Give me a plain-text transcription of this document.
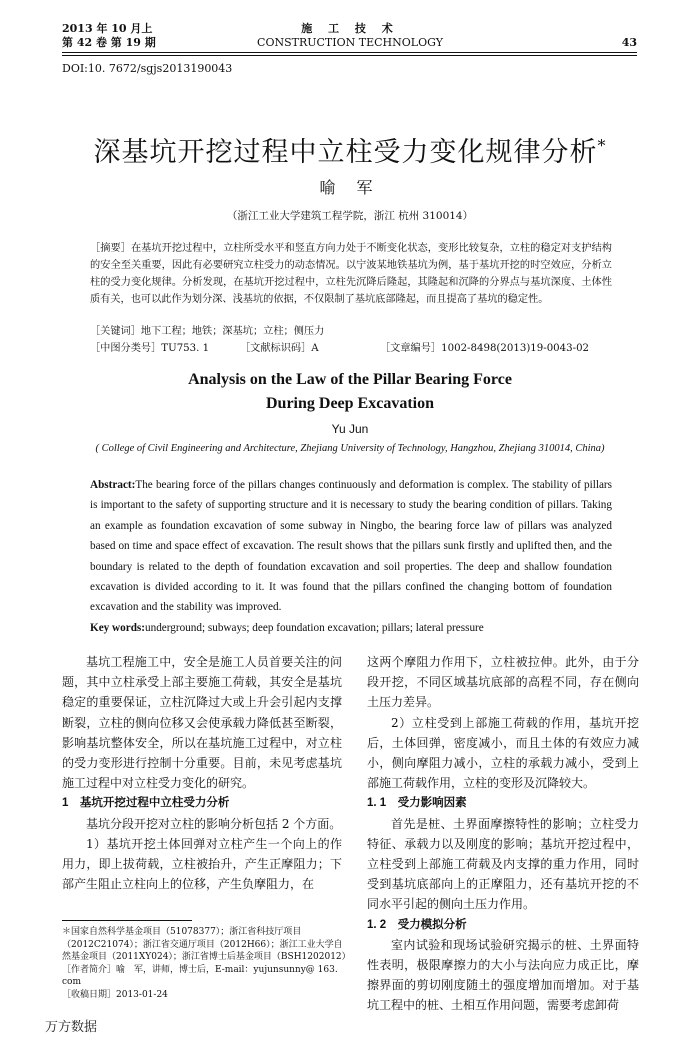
2013 年 10 月上
第 42 卷 第 19 期
施 工 技 术
CONSTRUCTION TECHNOLOGY	43
DOI:10. 7672/sgjs2013190043
深基坑开挖过程中立柱受力变化规律分析*
喻 军
（浙江工业大学建筑工程学院，浙江 杭州 310014）
［摘要］在基坑开挖过程中，立柱所受水平和竖直方向力处于不断变化状态，变形比较复杂，立柱的稳定对支护结构的安全至关重要，因此有必要研究立柱受力的动态情况。以宁波某地铁基坑为例，基于基坑开挖的时空效应，分析立柱的受力变化规律。分析发现，在基坑开挖过程中，立柱先沉降后隆起，其隆起和沉降的分界点与基坑深度、土体性质有关，也可以此作为划分深、浅基坑的依据，不仅限制了基坑底部隆起，而且提高了基坑的稳定性。
［关键词］地下工程；地铁；深基坑；立柱；侧压力
［中图分类号］TU753. 1	［文献标识码］A	［文章编号］1002-8498(2013)19-0043-02
Analysis on the Law of the Pillar Bearing Force
During Deep Excavation
Yu Jun
( College of Civil Engineering and Architecture, Zhejiang University of Technology, Hangzhou, Zhejiang 310014, China)
Abstract:The bearing force of the pillars changes continuously and deformation is complex. The stability of pillars is important to the safety of supporting structure and it is necessary to study the bearing condition of pillars. Taking an example as foundation excavation of some subway in Ningbo, the bearing force law of pillars was analyzed based on time and space effect of excavation. The result shows that the pillars sunk firstly and uplifted then, and the boundary is related to the depth of foundation excavation and soil properties. The deep and shallow foundation excavation is divided according to it. It was found that the pillars confined the changing bottom of foundation excavation and the stability was improved.
Key words:underground; subways; deep foundation excavation; pillars; lateral pressure

基坑工程施工中，安全是施工人员首要关注的问题，其中立柱承受上部主要施工荷载，其安全是基坑稳定的重要保证，立柱沉降过大或上升会引起内支撑断裂，立柱的侧向位移又会使承载力降低甚至断裂，影响基坑整体安全，所以在基坑施工过程中，对立柱的受力变形进行控制十分重要。目前，未见考虑基坑施工过程中对立柱受力变化的研究。

1　基坑开挖过程中立柱受力分析

基坑分段开挖对立柱的影响分析包括 2 个方面。

1）基坑开挖土体回弹对立柱产生一个向上的作用力，即上拔荷载，立柱被抬升，产生正摩阻力；下部产生阻止立柱向上的位移，产生负摩阻力，在

这两个摩阻力作用下，立柱被拉伸。此外，由于分段开挖，不同区域基坑底部的高程不同，存在侧向土压力差异。

2）立柱受到上部施工荷载的作用，基坑开挖后，土体回弹，密度减小，而且土体的有效应力减小，侧向摩阻力减小，立柱的承载力减小，受到上部施工荷载作用，立柱的变形及沉降较大。

1. 1　受力影响因素

首先是桩、土界面摩擦特性的影响；立柱受力特征、承载力以及刚度的影响；基坑开挖过程中，立柱受到上部施工荷载及内支撑的重力作用，同时受到基坑底部向上的正摩阻力，还有基坑开挖的不同水平引起的侧向土压力作用。

1. 2　受力模拟分析

室内试验和现场试验研究揭示的桩、土界面特性表明，极限摩擦力的大小与法向应力成正比，摩擦界面的剪切刚度随土的强度增加而增加。对于基坑工程中的桩、土相互作用问题，需要考虑卸荷

＊国家自然科学基金项目（51078377）；浙江省科技厅项目（2012C21074）；浙江省交通厅项目（2012H66）；浙江工业大学自然基金项目（2011XY024）；浙江省博士后基金项目（BSH1202012）
［作者简介］喻　军，讲师，博士后，E-mail：yujunsunny@ 163. com
［收稿日期］2013-01-24
万方数据
